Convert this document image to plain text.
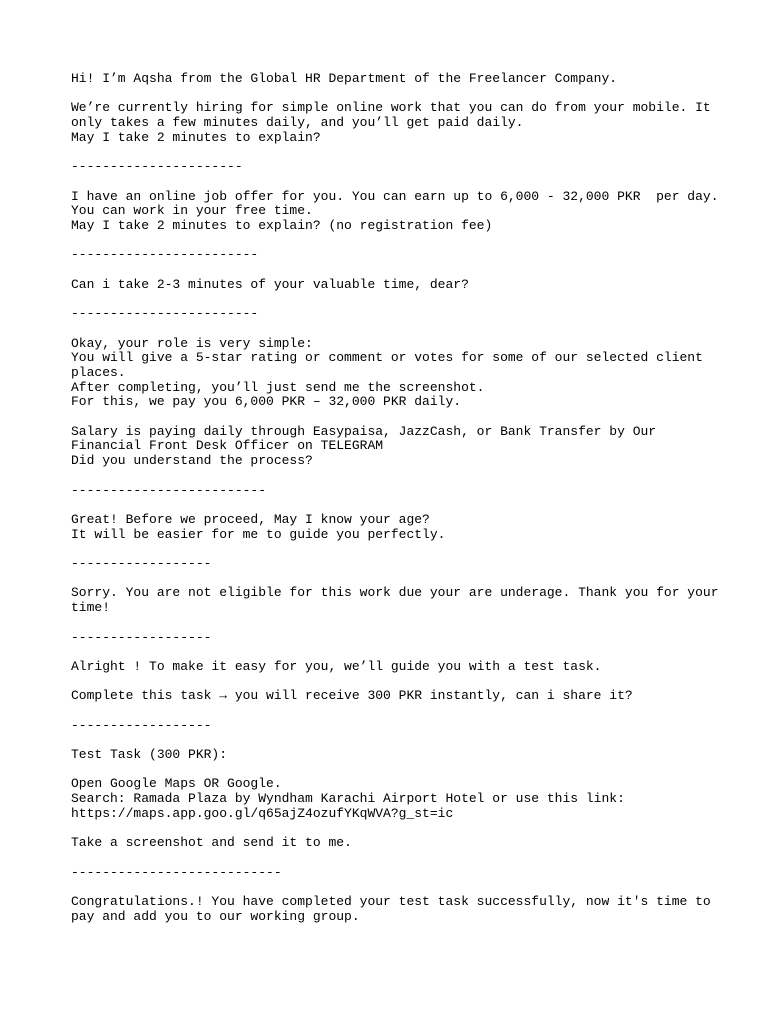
Hi! I’m Aqsha from the Global HR Department of the Freelancer Company.
We’re currently hiring for simple online work that you can do from your mobile. It
only takes a few minutes daily, and you’ll get paid daily.
May I take 2 minutes to explain?
----------------------
I have an online job offer for you. You can earn up to 6,000 - 32,000 PKR  per day.
You can work in your free time.
May I take 2 minutes to explain? (no registration fee)
------------------------
Can i take 2-3 minutes of your valuable time, dear?
------------------------
Okay, your role is very simple:
You will give a 5-star rating or comment or votes for some of our selected client
places.
After completing, you’ll just send me the screenshot.
For this, we pay you 6,000 PKR – 32,000 PKR daily.
Salary is paying daily through Easypaisa, JazzCash, or Bank Transfer by Our
Financial Front Desk Officer on TELEGRAM
Did you understand the process?
-------------------------
Great! Before we proceed, May I know your age?
It will be easier for me to guide you perfectly.
------------------
Sorry. You are not eligible for this work due your are underage. Thank you for your
time!
------------------
Alright ! To make it easy for you, we’ll guide you with a test task.
Complete this task → you will receive 300 PKR instantly, can i share it?
------------------
Test Task (300 PKR):
Open Google Maps OR Google.
Search: Ramada Plaza by Wyndham Karachi Airport Hotel or use this link:
https://maps.app.goo.gl/q65ajZ4ozufYKqWVA?g_st=ic
Take a screenshot and send it to me.
---------------------------
Congratulations.! You have completed your test task successfully, now it's time to
pay and add you to our working group.
